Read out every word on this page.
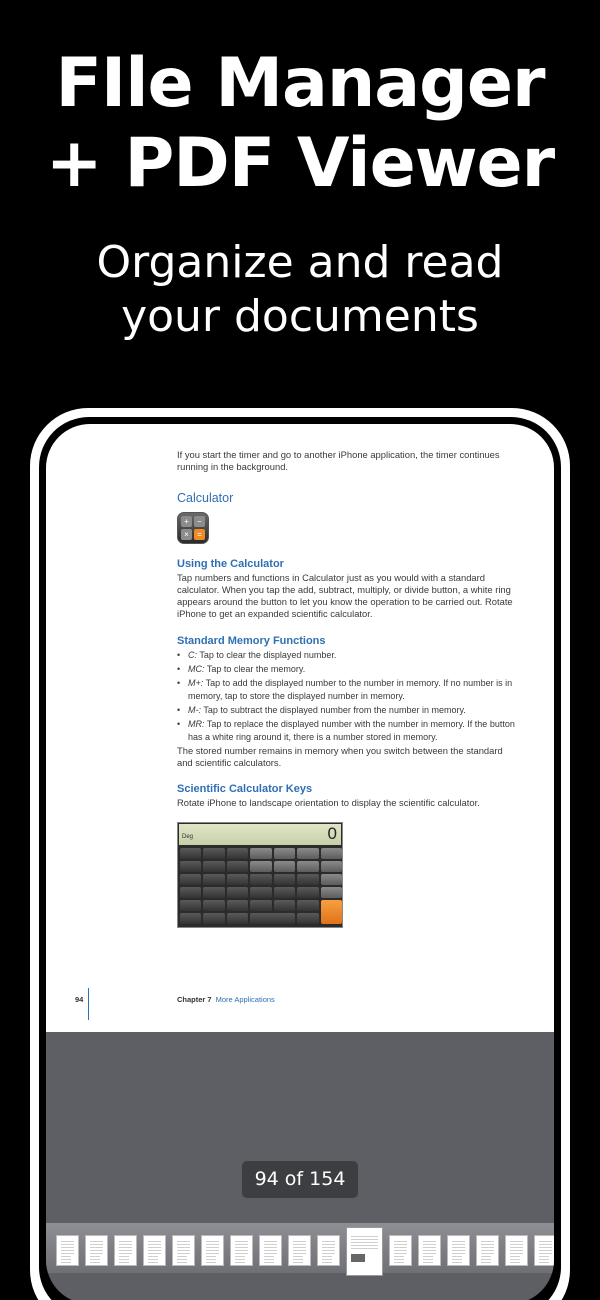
FIle Manager
+ PDF Viewer
Organize and read
your documents

If you start the timer and go to another iPhone application, the timer continues running in the background.

Calculator
+	−
×	=
Using the Calculator

Tap numbers and functions in Calculator just as you would with a standard calculator. When you tap the add, subtract, multiply, or divide button, a white ring appears around the button to let you know the operation to be carried out. Rotate iPhone to get an expanded scientific calculator.

Standard Memory Functions
• C: Tap to clear the displayed number.
• MC: Tap to clear the memory.
• M+: Tap to add the displayed number to the number in memory. If no number is in memory, tap to store the displayed number in memory.
• M-: Tap to subtract the displayed number from the number in memory.
• MR: Tap to replace the displayed number with the number in memory. If the button has a white ring around it, there is a number stored in memory.

The stored number remains in memory when you switch between the standard and scientific calculators.

Scientific Calculator Keys

Rotate iPhone to landscape orientation to display the scientific calculator.

Deg	0
94	Chapter 7 More Applications
94 of 154
